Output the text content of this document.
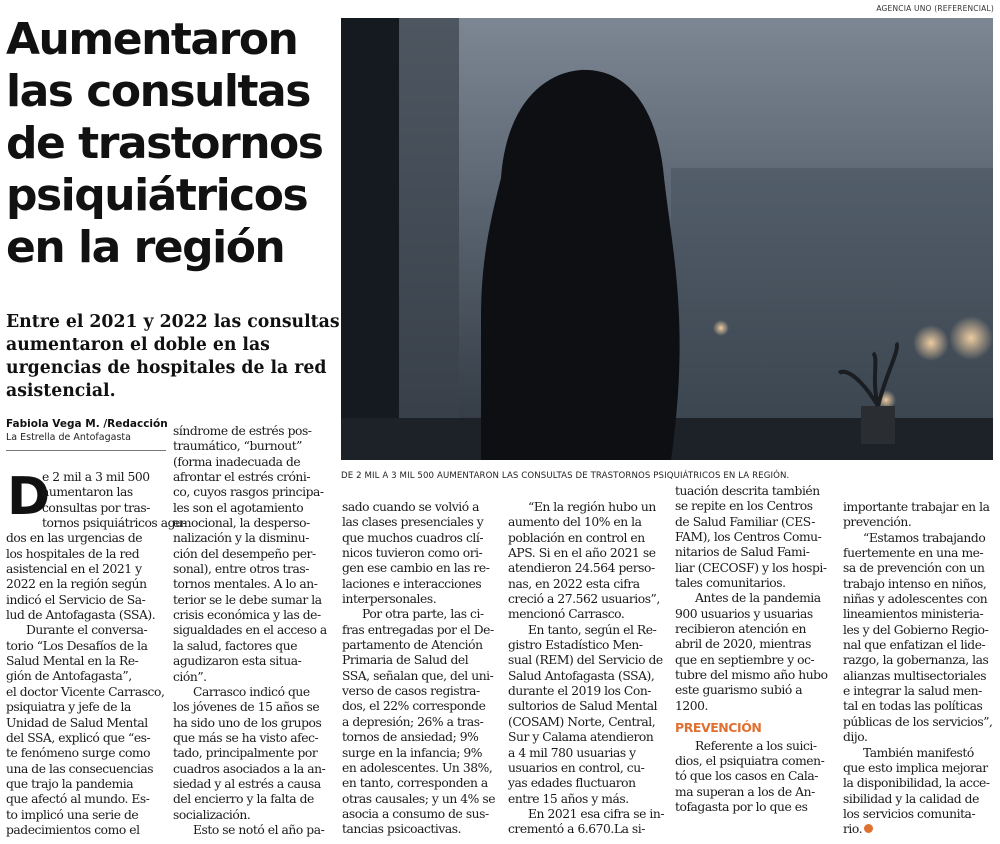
Aumentaron
las consultas
de trastornos
psiquiátricos
en la región
AGENCIA UNO (REFERENCIAL)
DE 2 MIL A 3 MIL 500 AUMENTARON LAS CONSULTAS DE TRASTORNOS PSIQUIÁTRICOS EN LA REGIÓN.
Entre el 2021 y 2022 las consultas
aumentaron el doble en las
urgencias de hospitales de la red
asistencial.
Fabiola Vega M. /Redacción
La Estrella de Antofagasta
D
e 2 mil a 3 mil 500
aumentaron las
consultas por tras-
tornos psiquiátricos agu-
dos en las urgencias de
los hospitales de la red
asistencial en el 2021 y
2022 en la región según
indicó el Servicio de Sa-
lud de Antofagasta (SSA).
Durante el conversa-
torio “Los Desafíos de la
Salud Mental en la Re-
gión de Antofagasta”,
el doctor Vicente Carrasco,
psiquiatra y jefe de la
Unidad de Salud Mental
del SSA, explicó que “es-
te fenómeno surge como
una de las consecuencias
que trajo la pandemia
que afectó al mundo. Es-
to implicó una serie de
padecimientos como el
síndrome de estrés pos-
traumático, “burnout”
(forma inadecuada de
afrontar el estrés cróni-
co, cuyos rasgos principa-
les son el agotamiento
emocional, la desperso-
nalización y la disminu-
ción del desempeño per-
sonal), entre otros tras-
tornos mentales. A lo an-
terior se le debe sumar la
crisis económica y las de-
sigualdades en el acceso a
la salud, factores que
agudizaron esta situa-
ción”.
Carrasco indicó que
los jóvenes de 15 años se
ha sido uno de los grupos
que más se ha visto afec-
tado, principalmente por
cuadros asociados a la an-
siedad y al estrés a causa
del encierro y la falta de
socialización.
Esto se notó el año pa-
sado cuando se volvió a
las clases presenciales y
que muchos cuadros clí-
nicos tuvieron como ori-
gen ese cambio en las re-
laciones e interacciones
interpersonales.
Por otra parte, las ci-
fras entregadas por el De-
partamento de Atención
Primaria de Salud del
SSA, señalan que, del uni-
verso de casos registra-
dos, el 22% corresponde
a depresión; 26% a tras-
tornos de ansiedad; 9%
surge en la infancia; 9%
en adolescentes. Un 38%,
en tanto, corresponden a
otras causales; y un 4% se
asocia a consumo de sus-
tancias psicoactivas.
“En la región hubo un
aumento del 10% en la
población en control en
APS. Si en el año 2021 se
atendieron 24.564 perso-
nas, en 2022 esta cifra
creció a 27.562 usuarios”,
mencionó Carrasco.
En tanto, según el Re-
gistro Estadístico Men-
sual (REM) del Servicio de
Salud Antofagasta (SSA),
durante el 2019 los Con-
sultorios de Salud Mental
(COSAM) Norte, Central,
Sur y Calama atendieron
a 4 mil 780 usuarias y
usuarios en control, cu-
yas edades fluctuaron
entre 15 años y más.
En 2021 esa cifra se in-
crementó a 6.670.La si-
tuación descrita también
se repite en los Centros
de Salud Familiar (CES-
FAM), los Centros Comu-
nitarios de Salud Fami-
liar (CECOSF) y los hospi-
tales comunitarios.
Antes de la pandemia
900 usuarios y usuarias
recibieron atención en
abril de 2020, mientras
que en septiembre y oc-
tubre del mismo año hubo
este guarismo subió a
1200.
PREVENCIÓN
Referente a los suici-
dios, el psiquiatra comen-
tó que los casos en Cala-
ma superan a los de An-
tofagasta por lo que es
importante trabajar en la
prevención.
“Estamos trabajando
fuertemente en una me-
sa de prevención con un
trabajo intenso en niños,
niñas y adolescentes con
lineamientos ministeria-
les y del Gobierno Regio-
nal que enfatizan el lide-
razgo, la gobernanza, las
alianzas multisectoriales
e integrar la salud men-
tal en todas las políticas
públicas de los servicios”,
dijo.
También manifestó
que esto implica mejorar
la disponibilidad, la acce-
sibilidad y la calidad de
los servicios comunita-
rio.
